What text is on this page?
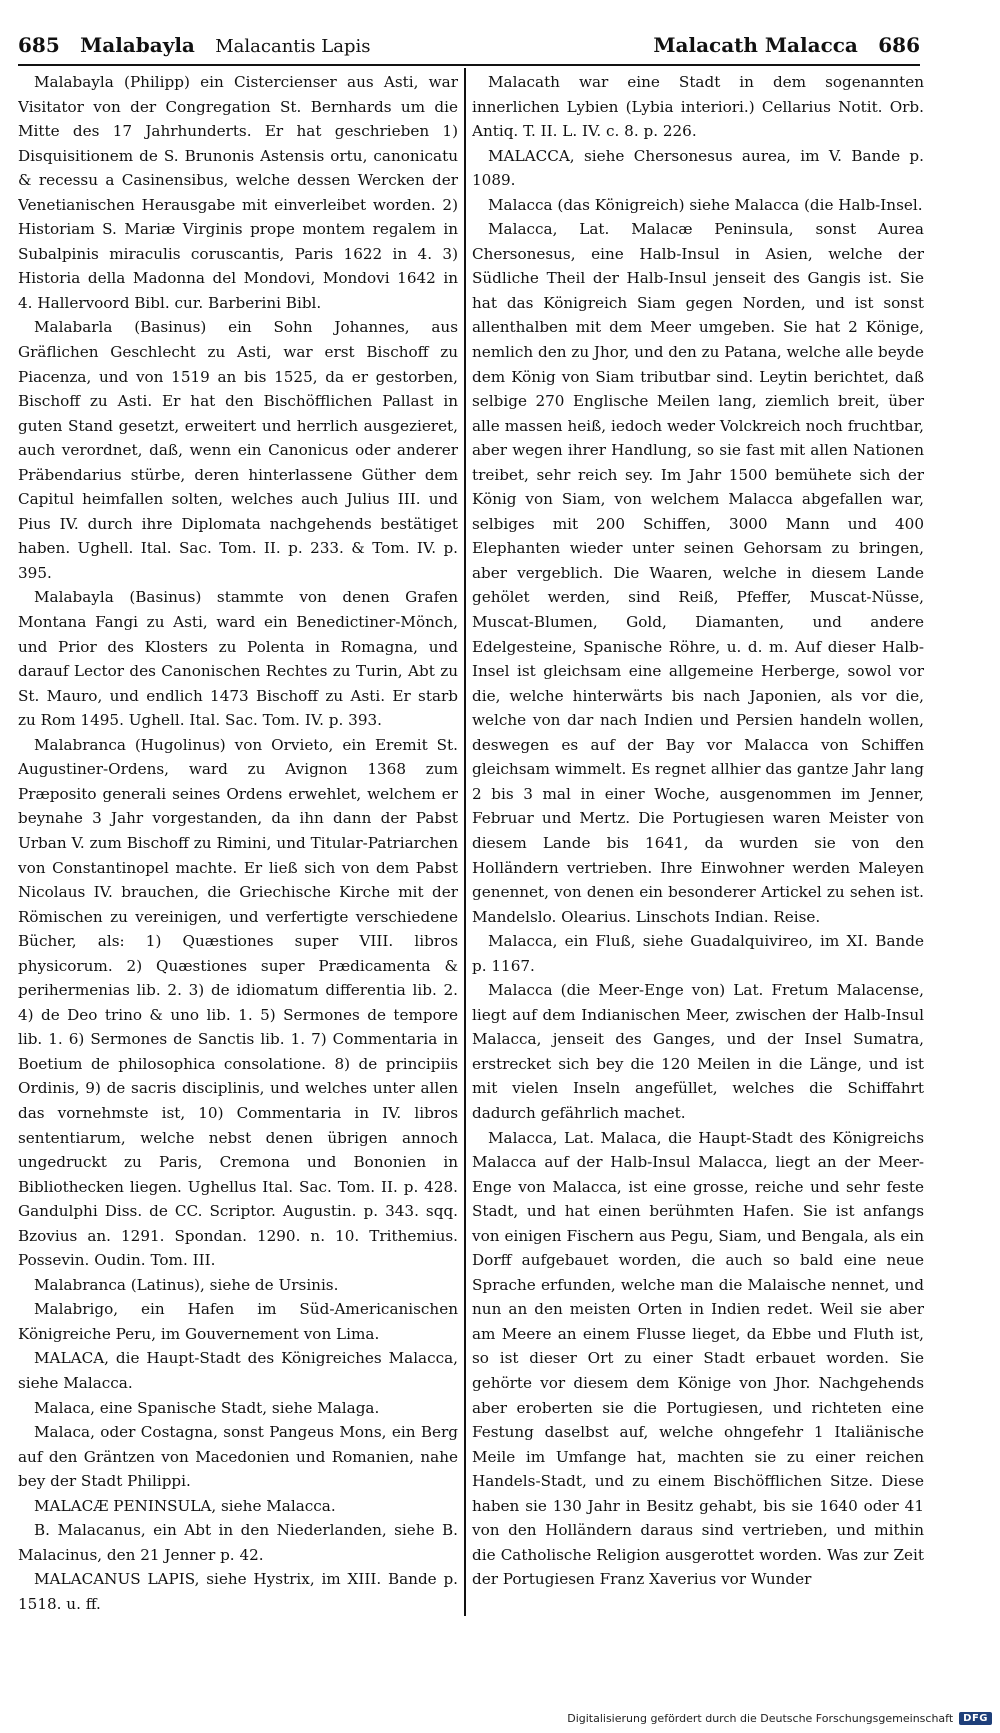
685 Malabayla Malacantis Lapis	Malacath Malacca 686

Malabayla (Philipp) ein Cistercienser aus Asti, war Visitator von der Congregation St. Bernhards um die Mitte des 17 Jahrhunderts. Er hat geschrieben 1) Disquisitionem de S. Brunonis Astensis ortu, canonicatu & recessu a Casinensibus, welche dessen Wercken der Venetianischen Herausgabe mit einverleibet worden. 2) Historiam S. Mariæ Virginis prope montem regalem in Subalpinis miraculis coruscantis, Paris 1622 in 4. 3) Historia della Madonna del Mondovi, Mondovi 1642 in 4. Hallervoord Bibl. cur. Barberini Bibl.

Malabarla (Basinus) ein Sohn Johannes, aus Gräflichen Geschlecht zu Asti, war erst Bischoff zu Piacenza, und von 1519 an bis 1525, da er gestorben, Bischoff zu Asti. Er hat den Bischöfflichen Pallast in guten Stand gesetzt, erweitert und herrlich ausgezieret, auch verordnet, daß, wenn ein Canonicus oder anderer Präbendarius stürbe, deren hinterlassene Güther dem Capitul heimfallen solten, welches auch Julius III. und Pius IV. durch ihre Diplomata nachgehends bestätiget haben. Ughell. Ital. Sac. Tom. II. p. 233. & Tom. IV. p. 395.

Malabayla (Basinus) stammte von denen Grafen Montana Fangi zu Asti, ward ein Benedictiner-Mönch, und Prior des Klosters zu Polenta in Romagna, und darauf Lector des Canonischen Rechtes zu Turin, Abt zu St. Mauro, und endlich 1473 Bischoff zu Asti. Er starb zu Rom 1495. Ughell. Ital. Sac. Tom. IV. p. 393.

Malabranca (Hugolinus) von Orvieto, ein Eremit St. Augustiner-Ordens, ward zu Avignon 1368 zum Præposito generali seines Ordens erwehlet, welchem er beynahe 3 Jahr vorgestanden, da ihn dann der Pabst Urban V. zum Bischoff zu Rimini, und Titular-Patriarchen von Constantinopel machte. Er ließ sich von dem Pabst Nicolaus IV. brauchen, die Griechische Kirche mit der Römischen zu vereinigen, und verfertigte verschiedene Bücher, als: 1) Quæstiones super VIII. libros physicorum. 2) Quæstiones super Prædicamenta & perihermenias lib. 2. 3) de idiomatum differentia lib. 2. 4) de Deo trino & uno lib. 1. 5) Sermones de tempore lib. 1. 6) Sermones de Sanctis lib. 1. 7) Commentaria in Boetium de philosophica consolatione. 8) de principiis Ordinis, 9) de sacris disciplinis, und welches unter allen das vornehmste ist, 10) Commentaria in IV. libros sententiarum, welche nebst denen übrigen annoch ungedruckt zu Paris, Cremona und Bononien in Bibliothecken liegen. Ughellus Ital. Sac. Tom. II. p. 428. Gandulphi Diss. de CC. Scriptor. Augustin. p. 343. sqq. Bzovius an. 1291. Spondan. 1290. n. 10. Trithemius. Possevin. Oudin. Tom. III.

Malabranca (Latinus), siehe de Ursinis.

Malabrigo, ein Hafen im Süd-Americanischen Königreiche Peru, im Gouvernement von Lima.

MALACA, die Haupt-Stadt des Königreiches Malacca, siehe Malacca.

Malaca, eine Spanische Stadt, siehe Malaga.

Malaca, oder Costagna, sonst Pangeus Mons, ein Berg auf den Gräntzen von Macedonien und Romanien, nahe bey der Stadt Philippi.

MALACÆ PENINSULA, siehe Malacca.

B. Malacanus, ein Abt in den Niederlanden, siehe B. Malacinus, den 21 Jenner p. 42.

MALACANUS LAPIS, siehe Hystrix, im XIII. Bande p. 1518. u. ff.

Malacath war eine Stadt in dem sogenannten innerlichen Lybien (Lybia interiori.) Cellarius Notit. Orb. Antiq. T. II. L. IV. c. 8. p. 226.

MALACCA, siehe Chersonesus aurea, im V. Bande p. 1089.

Malacca (das Königreich) siehe Malacca (die Halb-Insel.

Malacca, Lat. Malacæ Peninsula, sonst Aurea Chersonesus, eine Halb-Insul in Asien, welche der Südliche Theil der Halb-Insul jenseit des Gangis ist. Sie hat das Königreich Siam gegen Norden, und ist sonst allenthalben mit dem Meer umgeben. Sie hat 2 Könige, nemlich den zu Jhor, und den zu Patana, welche alle beyde dem König von Siam tributbar sind. Leytin berichtet, daß selbige 270 Englische Meilen lang, ziemlich breit, über alle massen heiß, iedoch weder Volckreich noch fruchtbar, aber wegen ihrer Handlung, so sie fast mit allen Nationen treibet, sehr reich sey. Im Jahr 1500 bemühete sich der König von Siam, von welchem Malacca abgefallen war, selbiges mit 200 Schiffen, 3000 Mann und 400 Elephanten wieder unter seinen Gehorsam zu bringen, aber vergeblich. Die Waaren, welche in diesem Lande gehölet werden, sind Reiß, Pfeffer, Muscat-Nüsse, Muscat-Blumen, Gold, Diamanten, und andere Edelgesteine, Spanische Röhre, u. d. m. Auf dieser Halb-Insel ist gleichsam eine allgemeine Herberge, sowol vor die, welche hinterwärts bis nach Japonien, als vor die, welche von dar nach Indien und Persien handeln wollen, deswegen es auf der Bay vor Malacca von Schiffen gleichsam wimmelt. Es regnet allhier das gantze Jahr lang 2 bis 3 mal in einer Woche, ausgenommen im Jenner, Februar und Mertz. Die Portugiesen waren Meister von diesem Lande bis 1641, da wurden sie von den Holländern vertrieben. Ihre Einwohner werden Maleyen genennet, von denen ein besonderer Artickel zu sehen ist. Mandelslo. Olearius. Linschots Indian. Reise.

Malacca, ein Fluß, siehe Guadalquivireo, im XI. Bande p. 1167.

Malacca (die Meer-Enge von) Lat. Fretum Malacense, liegt auf dem Indianischen Meer, zwischen der Halb-Insul Malacca, jenseit des Ganges, und der Insel Sumatra, erstrecket sich bey die 120 Meilen in die Länge, und ist mit vielen Inseln angefüllet, welches die Schiffahrt dadurch gefährlich machet.

Malacca, Lat. Malaca, die Haupt-Stadt des Königreichs Malacca auf der Halb-Insul Malacca, liegt an der Meer-Enge von Malacca, ist eine grosse, reiche und sehr feste Stadt, und hat einen berühmten Hafen. Sie ist anfangs von einigen Fischern aus Pegu, Siam, und Bengala, als ein Dorff aufgebauet worden, die auch so bald eine neue Sprache erfunden, welche man die Malaische nennet, und nun an den meisten Orten in Indien redet. Weil sie aber am Meere an einem Flusse lieget, da Ebbe und Fluth ist, so ist dieser Ort zu einer Stadt erbauet worden. Sie gehörte vor diesem dem Könige von Jhor. Nachgehends aber eroberten sie die Portugiesen, und richteten eine Festung daselbst auf, welche ohngefehr 1 Italiänische Meile im Umfange hat, machten sie zu einer reichen Handels-Stadt, und zu einem Bischöfflichen Sitze. Diese haben sie 130 Jahr in Besitz gehabt, bis sie 1640 oder 41 von den Holländern daraus sind vertrieben, und mithin die Catholische Religion ausgerottet worden. Was zur Zeit der Portugiesen Franz Xaverius vor Wunder

Digitalisierung gefördert durch die Deutsche Forschungsgemeinschaft	DFG
